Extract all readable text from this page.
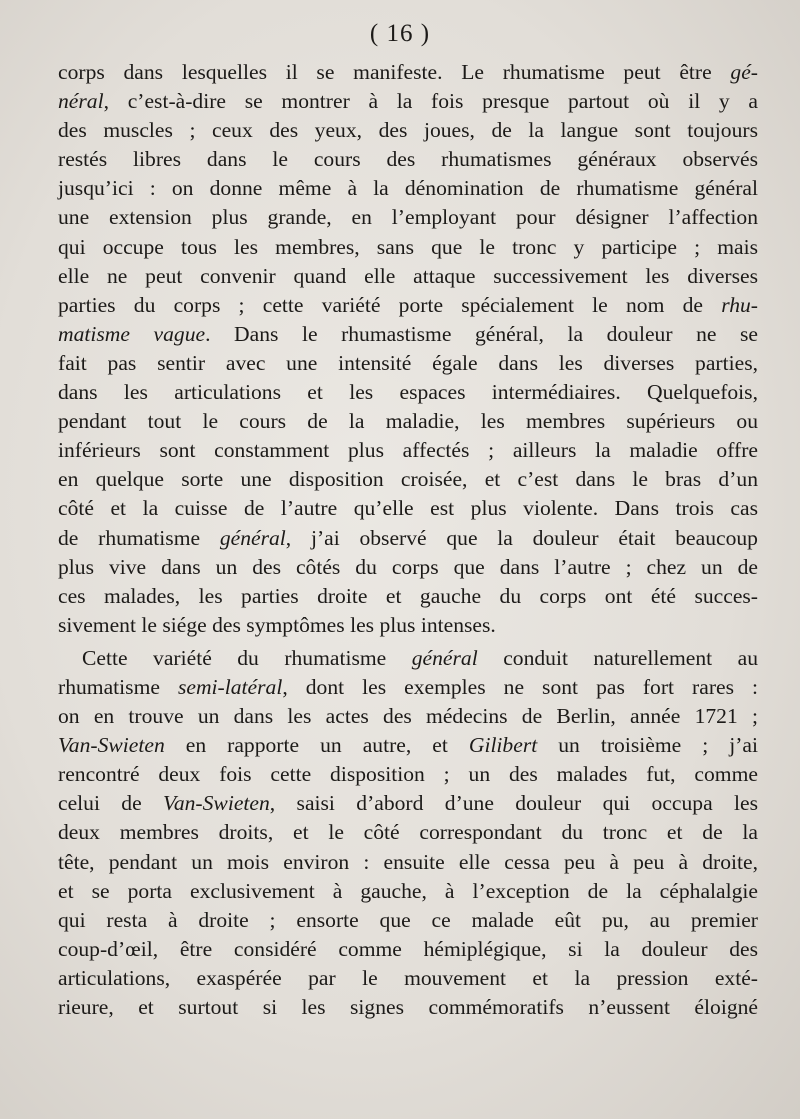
( 16 )
corps dans lesquelles il se manifeste. Le rhumatisme peut être gé-
néral, c’est-à-dire se montrer à la fois presque partout où il y a
des muscles ; ceux des yeux, des joues, de la langue sont toujours
restés libres dans le cours des rhumatismes généraux observés
jusqu’ici : on donne même à la dénomination de rhumatisme général
une extension plus grande, en l’employant pour désigner l’affection
qui occupe tous les membres, sans que le tronc y participe ; mais
elle ne peut convenir quand elle attaque successivement les diverses
parties du corps ; cette variété porte spécialement le nom de rhu-
matisme vague. Dans le rhumastisme général, la douleur ne se
fait pas sentir avec une intensité égale dans les diverses parties,
dans les articulations et les espaces intermédiaires. Quelquefois,
pendant tout le cours de la maladie, les membres supérieurs ou
inférieurs sont constamment plus affectés ; ailleurs la maladie offre
en quelque sorte une disposition croisée, et c’est dans le bras d’un
côté et la cuisse de l’autre qu’elle est plus violente. Dans trois cas
de rhumatisme général, j’ai observé que la douleur était beaucoup
plus vive dans un des côtés du corps que dans l’autre ; chez un de
ces malades, les parties droite et gauche du corps ont été succes-
sivement le siége des symptômes les plus intenses.
Cette variété du rhumatisme général conduit naturellement au
rhumatisme semi-latéral, dont les exemples ne sont pas fort rares :
on en trouve un dans les actes des médecins de Berlin, année 1721 ;
Van-Swieten en rapporte un autre, et Gilibert un troisième ; j’ai
rencontré deux fois cette disposition ; un des malades fut, comme
celui de Van-Swieten, saisi d’abord d’une douleur qui occupa les
deux membres droits, et le côté correspondant du tronc et de la
tête, pendant un mois environ : ensuite elle cessa peu à peu à droite,
et se porta exclusivement à gauche, à l’exception de la céphalalgie
qui resta à droite ; ensorte que ce malade eût pu, au premier
coup-d’œil, être considéré comme hémiplégique, si la douleur des
articulations, exaspérée par le mouvement et la pression exté-
rieure, et surtout si les signes commémoratifs n’eussent éloigné
